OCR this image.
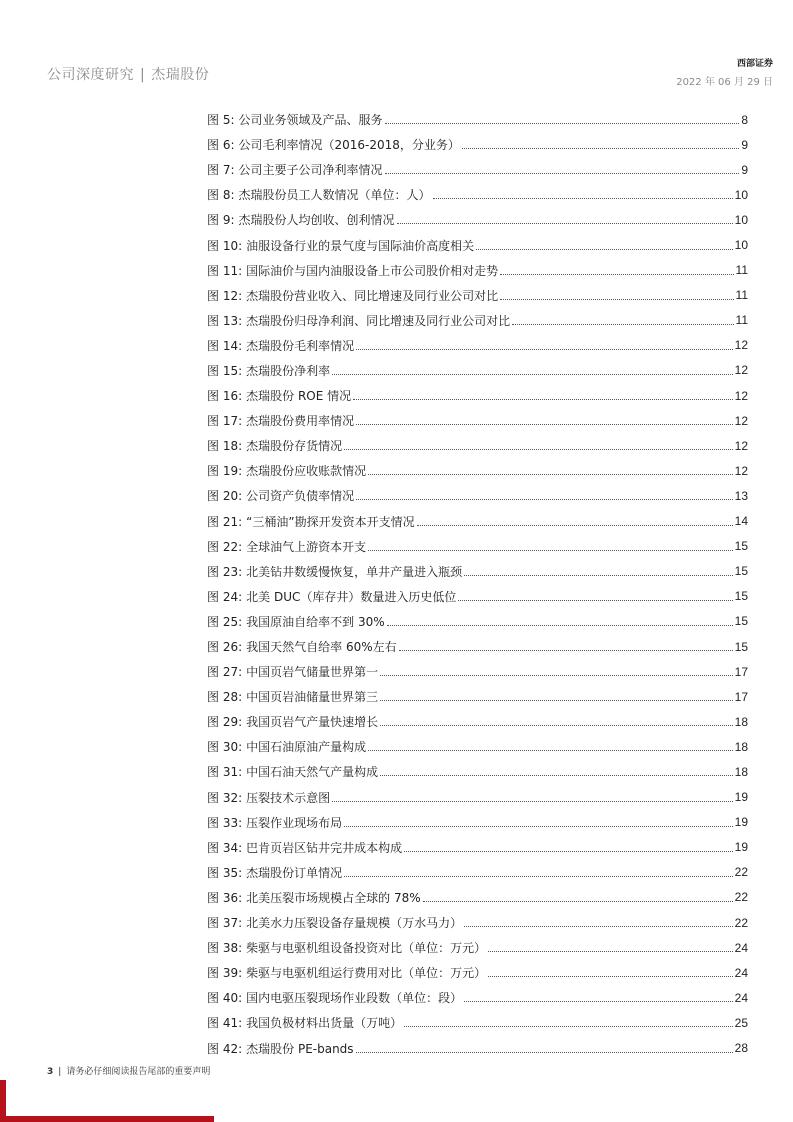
公司深度研究 | 杰瑞股份
西部证券
2022 年 06 月 29 日
图 5: 公司业务领域及产品、服务	8
图 6: 公司毛利率情况（2016-2018，分业务）	9
图 7: 公司主要子公司净利率情况	9
图 8: 杰瑞股份员工人数情况（单位：人）	10
图 9: 杰瑞股份人均创收、创利情况	10
图 10: 油服设备行业的景气度与国际油价高度相关	10
图 11: 国际油价与国内油服设备上市公司股价相对走势	11
图 12: 杰瑞股份营业收入、同比增速及同行业公司对比	11
图 13: 杰瑞股份归母净利润、同比增速及同行业公司对比	11
图 14: 杰瑞股份毛利率情况	12
图 15: 杰瑞股份净利率	12
图 16: 杰瑞股份 ROE 情况	12
图 17: 杰瑞股份费用率情况	12
图 18: 杰瑞股份存货情况	12
图 19: 杰瑞股份应收账款情况	12
图 20: 公司资产负债率情况	13
图 21: “三桶油”勘探开发资本开支情况	14
图 22: 全球油气上游资本开支	15
图 23: 北美钻井数缓慢恢复，单井产量进入瓶颈	15
图 24: 北美 DUC（库存井）数量进入历史低位	15
图 25: 我国原油自给率不到 30%	15
图 26: 我国天然气自给率 60%左右	15
图 27: 中国页岩气储量世界第一	17
图 28: 中国页岩油储量世界第三	17
图 29: 我国页岩气产量快速增长	18
图 30: 中国石油原油产量构成	18
图 31: 中国石油天然气产量构成	18
图 32: 压裂技术示意图	19
图 33: 压裂作业现场布局	19
图 34: 巴肯页岩区钻井完井成本构成	19
图 35: 杰瑞股份订单情况	22
图 36: 北美压裂市场规模占全球的 78%	22
图 37: 北美水力压裂设备存量规模（万水马力）	22
图 38: 柴驱与电驱机组设备投资对比（单位：万元）	24
图 39: 柴驱与电驱机组运行费用对比（单位：万元）	24
图 40: 国内电驱压裂现场作业段数（单位：段）	24
图 41: 我国负极材料出货量（万吨）	25
图 42: 杰瑞股份 PE-bands	28
3 | 请务必仔细阅读报告尾部的重要声明
